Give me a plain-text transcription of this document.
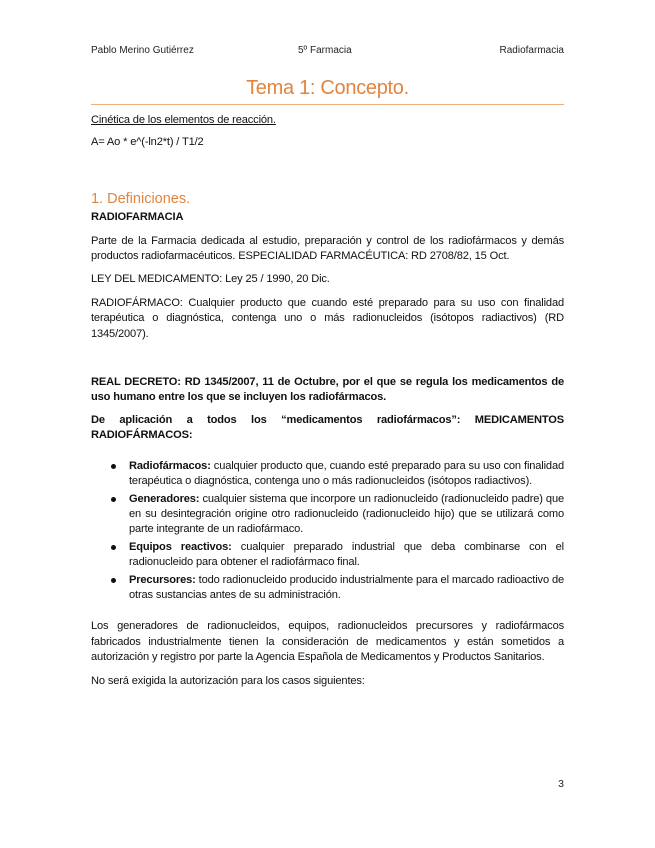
Pablo Merino Gutiérrez	5º Farmacia	Radiofarmacia
Tema 1: Concepto.

Cinética de los elementos de reacción.

A= Ao * e^(-ln2*t) / T1/2

1. Definiciones.

RADIOFARMACIA

Parte de la Farmacia dedicada al estudio, preparación y control de los radiofármacos y demás productos radiofarmacéuticos. ESPECIALIDAD FARMACÉUTICA: RD 2708/82, 15 Oct.

LEY DEL MEDICAMENTO: Ley 25 / 1990, 20 Dic.

RADIOFÁRMACO: Cualquier producto que cuando esté preparado para su uso con finalidad terapéutica o diagnóstica, contenga uno o más radionucleidos (isótopos radiactivos) (RD 1345/2007).

REAL DECRETO: RD 1345/2007, 11 de Octubre, por el que se regula los medicamentos de uso humano entre los que se incluyen los radiofármacos.

De aplicación a todos los “medicamentos radiofármacos”: MEDICAMENTOS RADIOFÁRMACOS:

Radiofármacos: cualquier producto que, cuando esté preparado para su uso con finalidad terapéutica o diagnóstica, contenga uno o más radionucleidos (isótopos radiactivos).
Generadores: cualquier sistema que incorpore un radionucleido (radionucleido padre) que en su desintegración origine otro radionucleido (radionucleido hijo) que se utilizará como parte integrante de un radiofármaco.
Equipos reactivos: cualquier preparado industrial que deba combinarse con el radionucleido para obtener el radiofármaco final.
Precursores: todo radionucleido producido industrialmente para el marcado radioactivo de otras sustancias antes de su administración.

Los generadores de radionucleidos, equipos, radionucleidos precursores y radiofármacos fabricados industrialmente tienen la consideración de medicamentos y están sometidos a autorización y registro por parte la Agencia Española de Medicamentos y Productos Sanitarios.

No será exigida la autorización para los casos siguientes:

3
